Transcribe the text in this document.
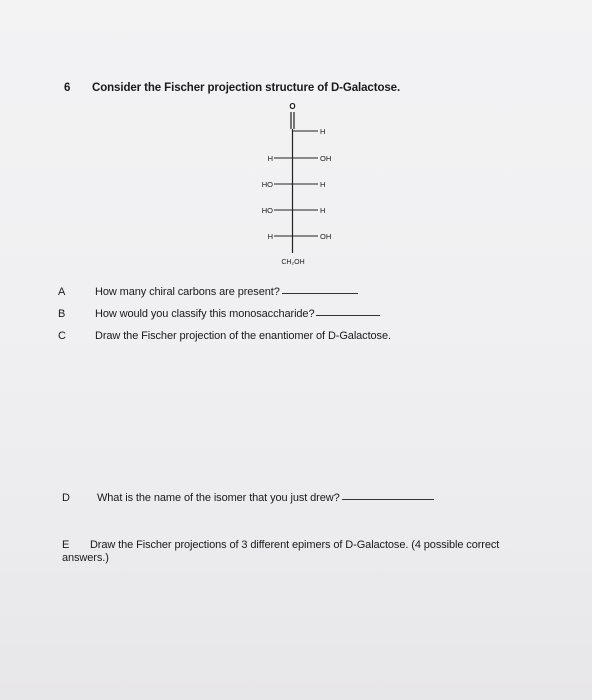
6 Consider the Fischer projection structure of D-Galactose.
O
H
H	OH
HO	H
HO	H
H	OH
CH₂OH
A	How many chiral carbons are present?
B	How would you classify this monosaccharide?
C	Draw the Fischer projection of the enantiomer of D-Galactose.
D What is the name of the isomer that you just drew?
E Draw the Fischer projections of 3 different epimers of D-Galactose. (4 possible correct answers.)
